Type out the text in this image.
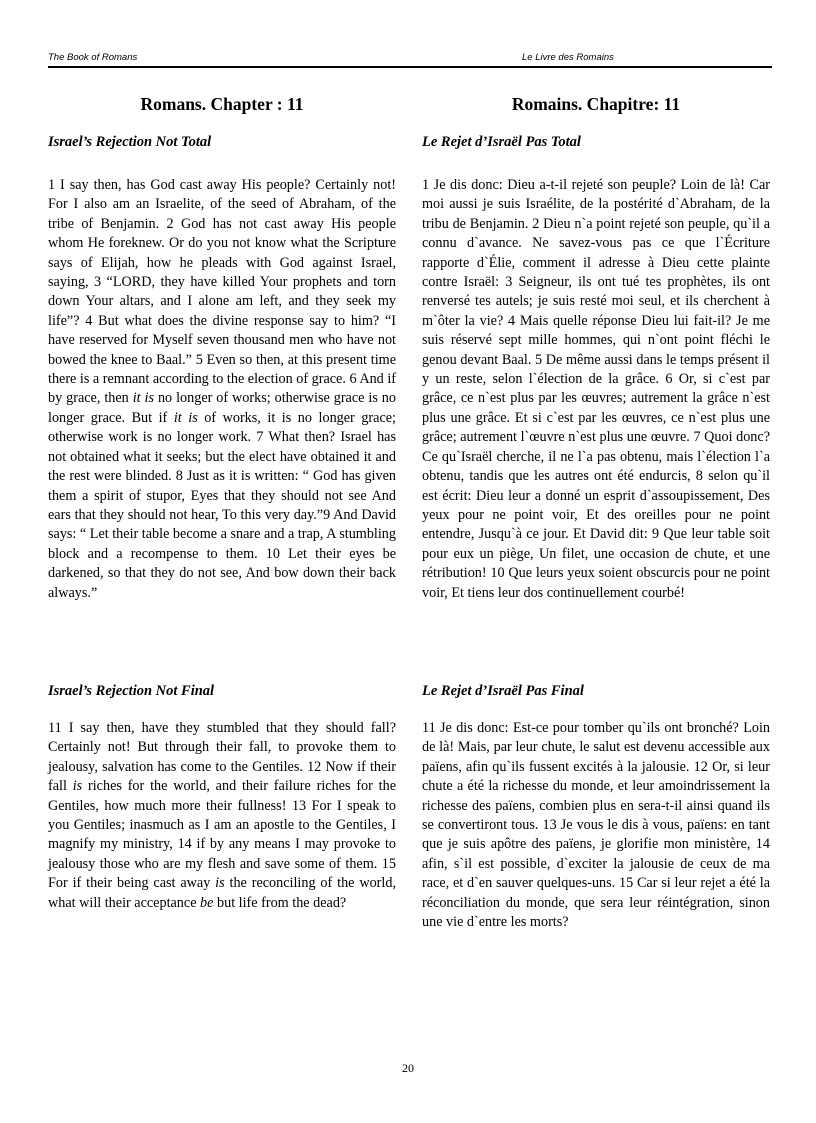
The Book of Romans	Le Livre des Romains
Romans. Chapter : 11
Israel’s Rejection Not Total

1 I say then, has God cast away His people? Certainly not! For I also am an Israelite, of the seed of Abraham, of the tribe of Benjamin. 2 God has not cast away His people whom He foreknew. Or do you not know what the Scripture says of Elijah, how he pleads with God against Israel, saying, 3 “LORD, they have killed Your prophets and torn down Your altars, and I alone am left, and they seek my life”? 4 But what does the divine response say to him? “I have reserved for Myself seven thousand men who have not bowed the knee to Baal.” 5 Even so then, at this present time there is a remnant according to the election of grace. 6 And if by grace, then it is no longer of works; otherwise grace is no longer grace. But if it is of works, it is no longer grace; otherwise work is no longer work. 7 What then? Israel has not obtained what it seeks; but the elect have obtained it and the rest were blinded. 8 Just as it is written: “ God has given them a spirit of stupor, Eyes that they should not see And ears that they should not hear, To this very day.”9 And David says: “ Let their table become a snare and a trap, A stumbling block and a recompense to them. 10 Let their eyes be darkened, so that they do not see, And bow down their back always.”

Israel’s Rejection Not Final

11 I say then, have they stumbled that they should fall? Certainly not! But through their fall, to provoke them to jealousy, salvation has come to the Gentiles. 12 Now if their fall is riches for the world, and their failure riches for the Gentiles, how much more their fullness! 13 For I speak to you Gentiles; inasmuch as I am an apostle to the Gentiles, I magnify my ministry, 14 if by any means I may provoke to jealousy those who are my flesh and save some of them. 15 For if their being cast away is the reconciling of the world, what will their acceptance be but life from the dead?

Romains. Chapitre: 11
Le Rejet d’Israël Pas Total

1 Je dis donc: Dieu a-t-il rejeté son peuple? Loin de là! Car moi aussi je suis Israélite, de la postérité d`Abraham, de la tribu de Benjamin. 2 Dieu n`a point rejeté son peuple, qu`il a connu d`avance. Ne savez-vous pas ce que l`Écriture rapporte d`Élie, comment il adresse à Dieu cette plainte contre Israël: 3 Seigneur, ils ont tué tes prophètes, ils ont renversé tes autels; je suis resté moi seul, et ils cherchent à m`ôter la vie? 4 Mais quelle réponse Dieu lui fait-il? Je me suis réservé sept mille hommes, qui n`ont point fléchi le genou devant Baal. 5 De même aussi dans le temps présent il y un reste, selon l`élection de la grâce. 6 Or, si c`est par grâce, ce n`est plus par les œuvres; autrement la grâce n`est plus une grâce. Et si c`est par les œuvres, ce n`est plus une grâce; autrement l`œuvre n`est plus une œuvre. 7 Quoi donc? Ce qu`Israël cherche, il ne l`a pas obtenu, mais l`élection l`a obtenu, tandis que les autres ont été endurcis, 8 selon qu`il est écrit: Dieu leur a donné un esprit d`assoupissement, Des yeux pour ne point voir, Et des oreilles pour ne point entendre, Jusqu`à ce jour. Et David dit: 9 Que leur table soit pour eux un piège, Un filet, une occasion de chute, et une rétribution! 10 Que leurs yeux soient obscurcis pour ne point voir, Et tiens leur dos continuellement courbé!

Le Rejet d’Israël Pas Final

11 Je dis donc: Est-ce pour tomber qu`ils ont bronché? Loin de là! Mais, par leur chute, le salut est devenu accessible aux païens, afin qu`ils fussent excités à la jalousie. 12 Or, si leur chute a été la richesse du monde, et leur amoindrissement la richesse des païens, combien plus en sera-t-il ainsi quand ils se convertiront tous. 13 Je vous le dis à vous, païens: en tant que je suis apôtre des païens, je glorifie mon ministère, 14 afin, s`il est possible, d`exciter la jalousie de ceux de ma race, et d`en sauver quelques-uns. 15 Car si leur rejet a été la réconciliation du monde, que sera leur réintégration, sinon une vie d`entre les morts?

20
